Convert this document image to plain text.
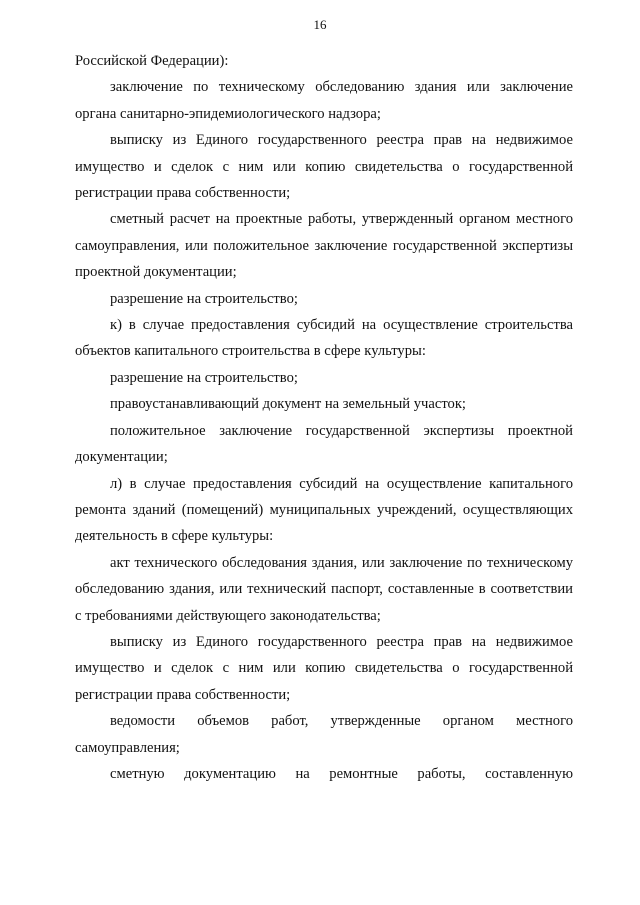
16

Российской Федерации):

заключение по техническому обследованию здания или заключение органа санитарно-эпидемиологического надзора;

выписку из Единого государственного реестра прав на недвижимое имущество и сделок с ним или копию свидетельства о государственной регистрации права собственности;

сметный расчет на проектные работы, утвержденный органом местного самоуправления, или положительное заключение государственной экспертизы проектной документации;

разрешение на строительство;

к) в случае предоставления субсидий на осуществление строительства объектов капитального строительства в сфере культуры:

разрешение на строительство;

правоустанавливающий документ на земельный участок;

положительное заключение государственной экспертизы проектной документации;

л) в случае предоставления субсидий на осуществление капитального ремонта зданий (помещений) муниципальных учреждений, осуществляющих деятельность в сфере культуры:

акт технического обследования здания, или заключение по техническому обследованию здания, или технический паспорт, составленные в соответствии с требованиями действующего законодательства;

выписку из Единого государственного реестра прав на недвижимое имущество и сделок с ним или копию свидетельства о государственной регистрации права собственности;

ведомости объемов работ, утвержденные органом местного самоуправления;

сметную документацию на ремонтные работы, составленную
